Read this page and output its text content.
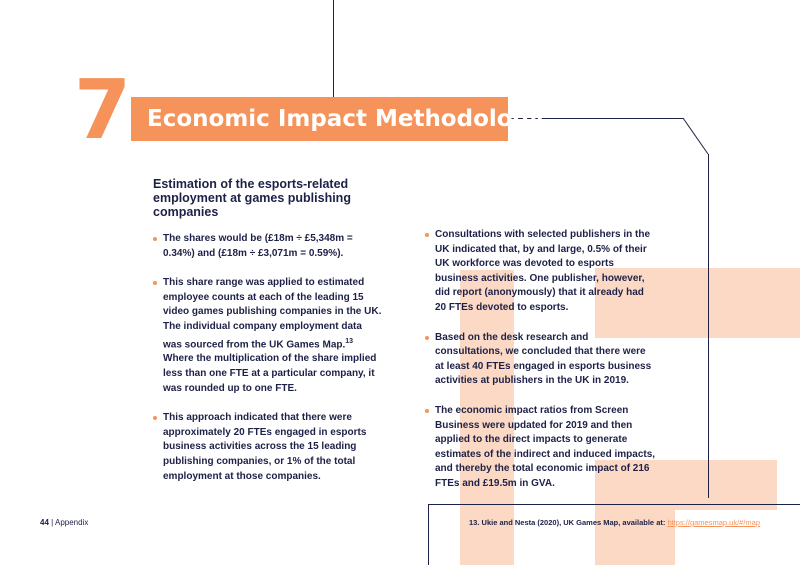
7 Economic Impact Methodology
Estimation of the esports-related employment at games publishing companies
The shares would be (£18m ÷ £5,348m = 0.34%) and (£18m ÷ £3,071m = 0.59%).
This share range was applied to estimated employee counts at each of the leading 15 video games publishing companies in the UK. The individual company employment data was sourced from the UK Games Map.$^{13}$ Where the multiplication of the share implied less than one FTE at a particular company, it was rounded up to one FTE.
This approach indicated that there were approximately 20 FTEs engaged in esports business activities across the 15 leading publishing companies, or 1% of the total employment at those companies.
Consultations with selected publishers in the UK indicated that, by and large, 0.5% of their UK workforce was devoted to esports business activities. One publisher, however, did report (anonymously) that it already had 20 FTEs devoted to esports.
Based on the desk research and consultations, we concluded that there were at least 40 FTEs engaged in esports business activities at publishers in the UK in 2019.
The economic impact ratios from Screen Business were updated for 2019 and then applied to the direct impacts to generate estimates of the indirect and induced impacts, and thereby the total economic impact of 216 FTEs and £19.5m in GVA.
44 | Appendix	13. Ukie and Nesta (2020), UK Games Map, available at: https://gamesmap.uk/#/map
